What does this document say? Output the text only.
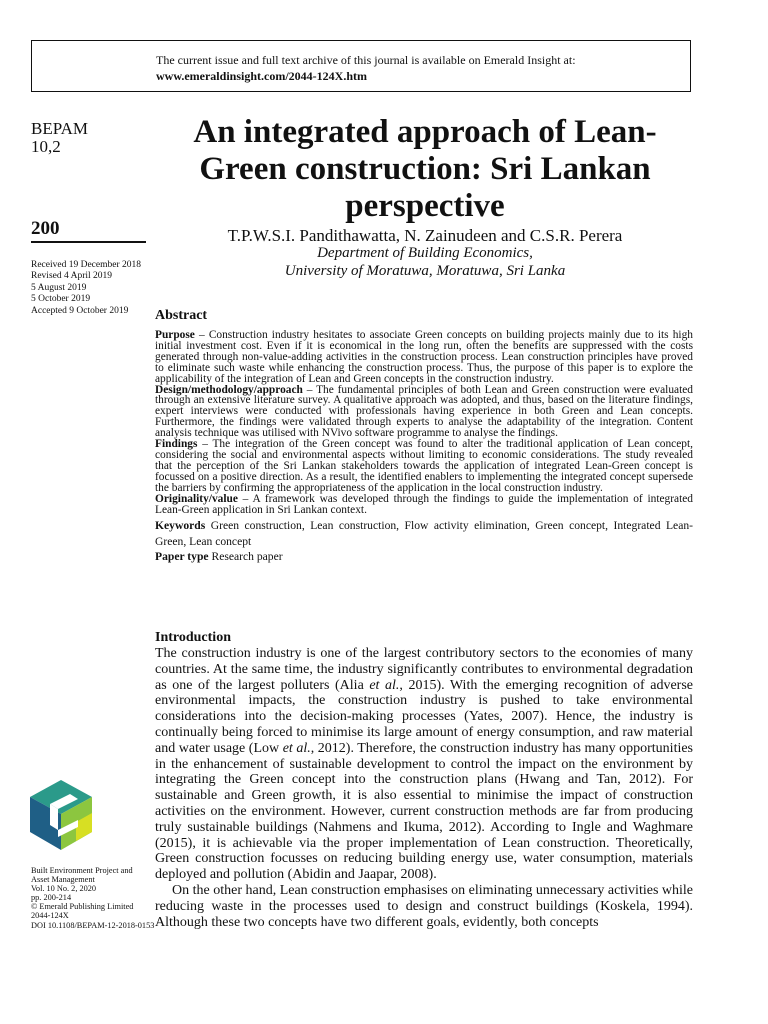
The current issue and full text archive of this journal is available on Emerald Insight at:
www.emeraldinsight.com/2044-124X.htm
BEPAM
10,2
200
Received 19 December 2018
Revised 4 April 2019
5 August 2019
5 October 2019
Accepted 9 October 2019
An integrated approach of Lean-Green construction: Sri Lankan perspective
T.P.W.S.I. Pandithawatta, N. Zainudeen and C.S.R. Perera
Department of Building Economics,
University of Moratuwa, Moratuwa, Sri Lanka
Abstract

Purpose – Construction industry hesitates to associate Green concepts on building projects mainly due to its high initial investment cost. Even if it is economical in the long run, often the benefits are suppressed with the costs generated through non-value-adding activities in the construction process. Lean construction principles have proved to eliminate such waste while enhancing the construction process. Thus, the purpose of this paper is to explore the applicability of the integration of Lean and Green concepts in the construction industry.

Design/methodology/approach – The fundamental principles of both Lean and Green construction were evaluated through an extensive literature survey. A qualitative approach was adopted, and thus, based on the literature findings, expert interviews were conducted with professionals having experience in both Green and Lean concepts. Furthermore, the findings were validated through experts to analyse the adaptability of the integration. Content analysis technique was utilised with NVivo software programme to analyse the findings.

Findings – The integration of the Green concept was found to alter the traditional application of Lean concept, considering the social and environmental aspects without limiting to economic considerations. The study revealed that the perception of the Sri Lankan stakeholders towards the application of integrated Lean-Green concept is focussed on a positive direction. As a result, the identified enablers to implementing the integrated concept supersede the barriers by confirming the appropriateness of the application in the local construction industry.

Originality/value – A framework was developed through the findings to guide the implementation of integrated Lean-Green application in Sri Lankan context.

Keywords Green construction, Lean construction, Flow activity elimination, Green concept, Integrated Lean-Green, Lean concept

Paper type Research paper

Introduction

The construction industry is one of the largest contributory sectors to the economies of many countries. At the same time, the industry significantly contributes to environmental degradation as one of the largest polluters (Alia et al., 2015). With the emerging recognition of adverse environmental impacts, the construction industry is pushed to take environmental considerations into the decision-making processes (Yates, 2007). Hence, the industry is continually being forced to minimise its large amount of energy consumption, and raw material and water usage (Low et al., 2012). Therefore, the construction industry has many opportunities in the enhancement of sustainable development to control the impact on the environment by integrating the Green concept into the construction plans (Hwang and Tan, 2012). For sustainable and Green growth, it is also essential to minimise the impact of construction activities on the environment. However, current construction methods are far from producing truly sustainable buildings (Nahmens and Ikuma, 2012). According to Ingle and Waghmare (2015), it is achievable via the proper implementation of Lean construction. Theoretically, Green construction focusses on reducing building energy use, water consumption, materials deployed and pollution (Abidin and Jaapar, 2008).

On the other hand, Lean construction emphasises on eliminating unnecessary activities while reducing waste in the processes used to design and construct buildings (Koskela, 1994). Although these two concepts have two different goals, evidently, both concepts

Built Environment Project and
Asset Management
Vol. 10 No. 2, 2020
pp. 200-214
© Emerald Publishing Limited
2044-124X
DOI 10.1108/BEPAM-12-2018-0153
